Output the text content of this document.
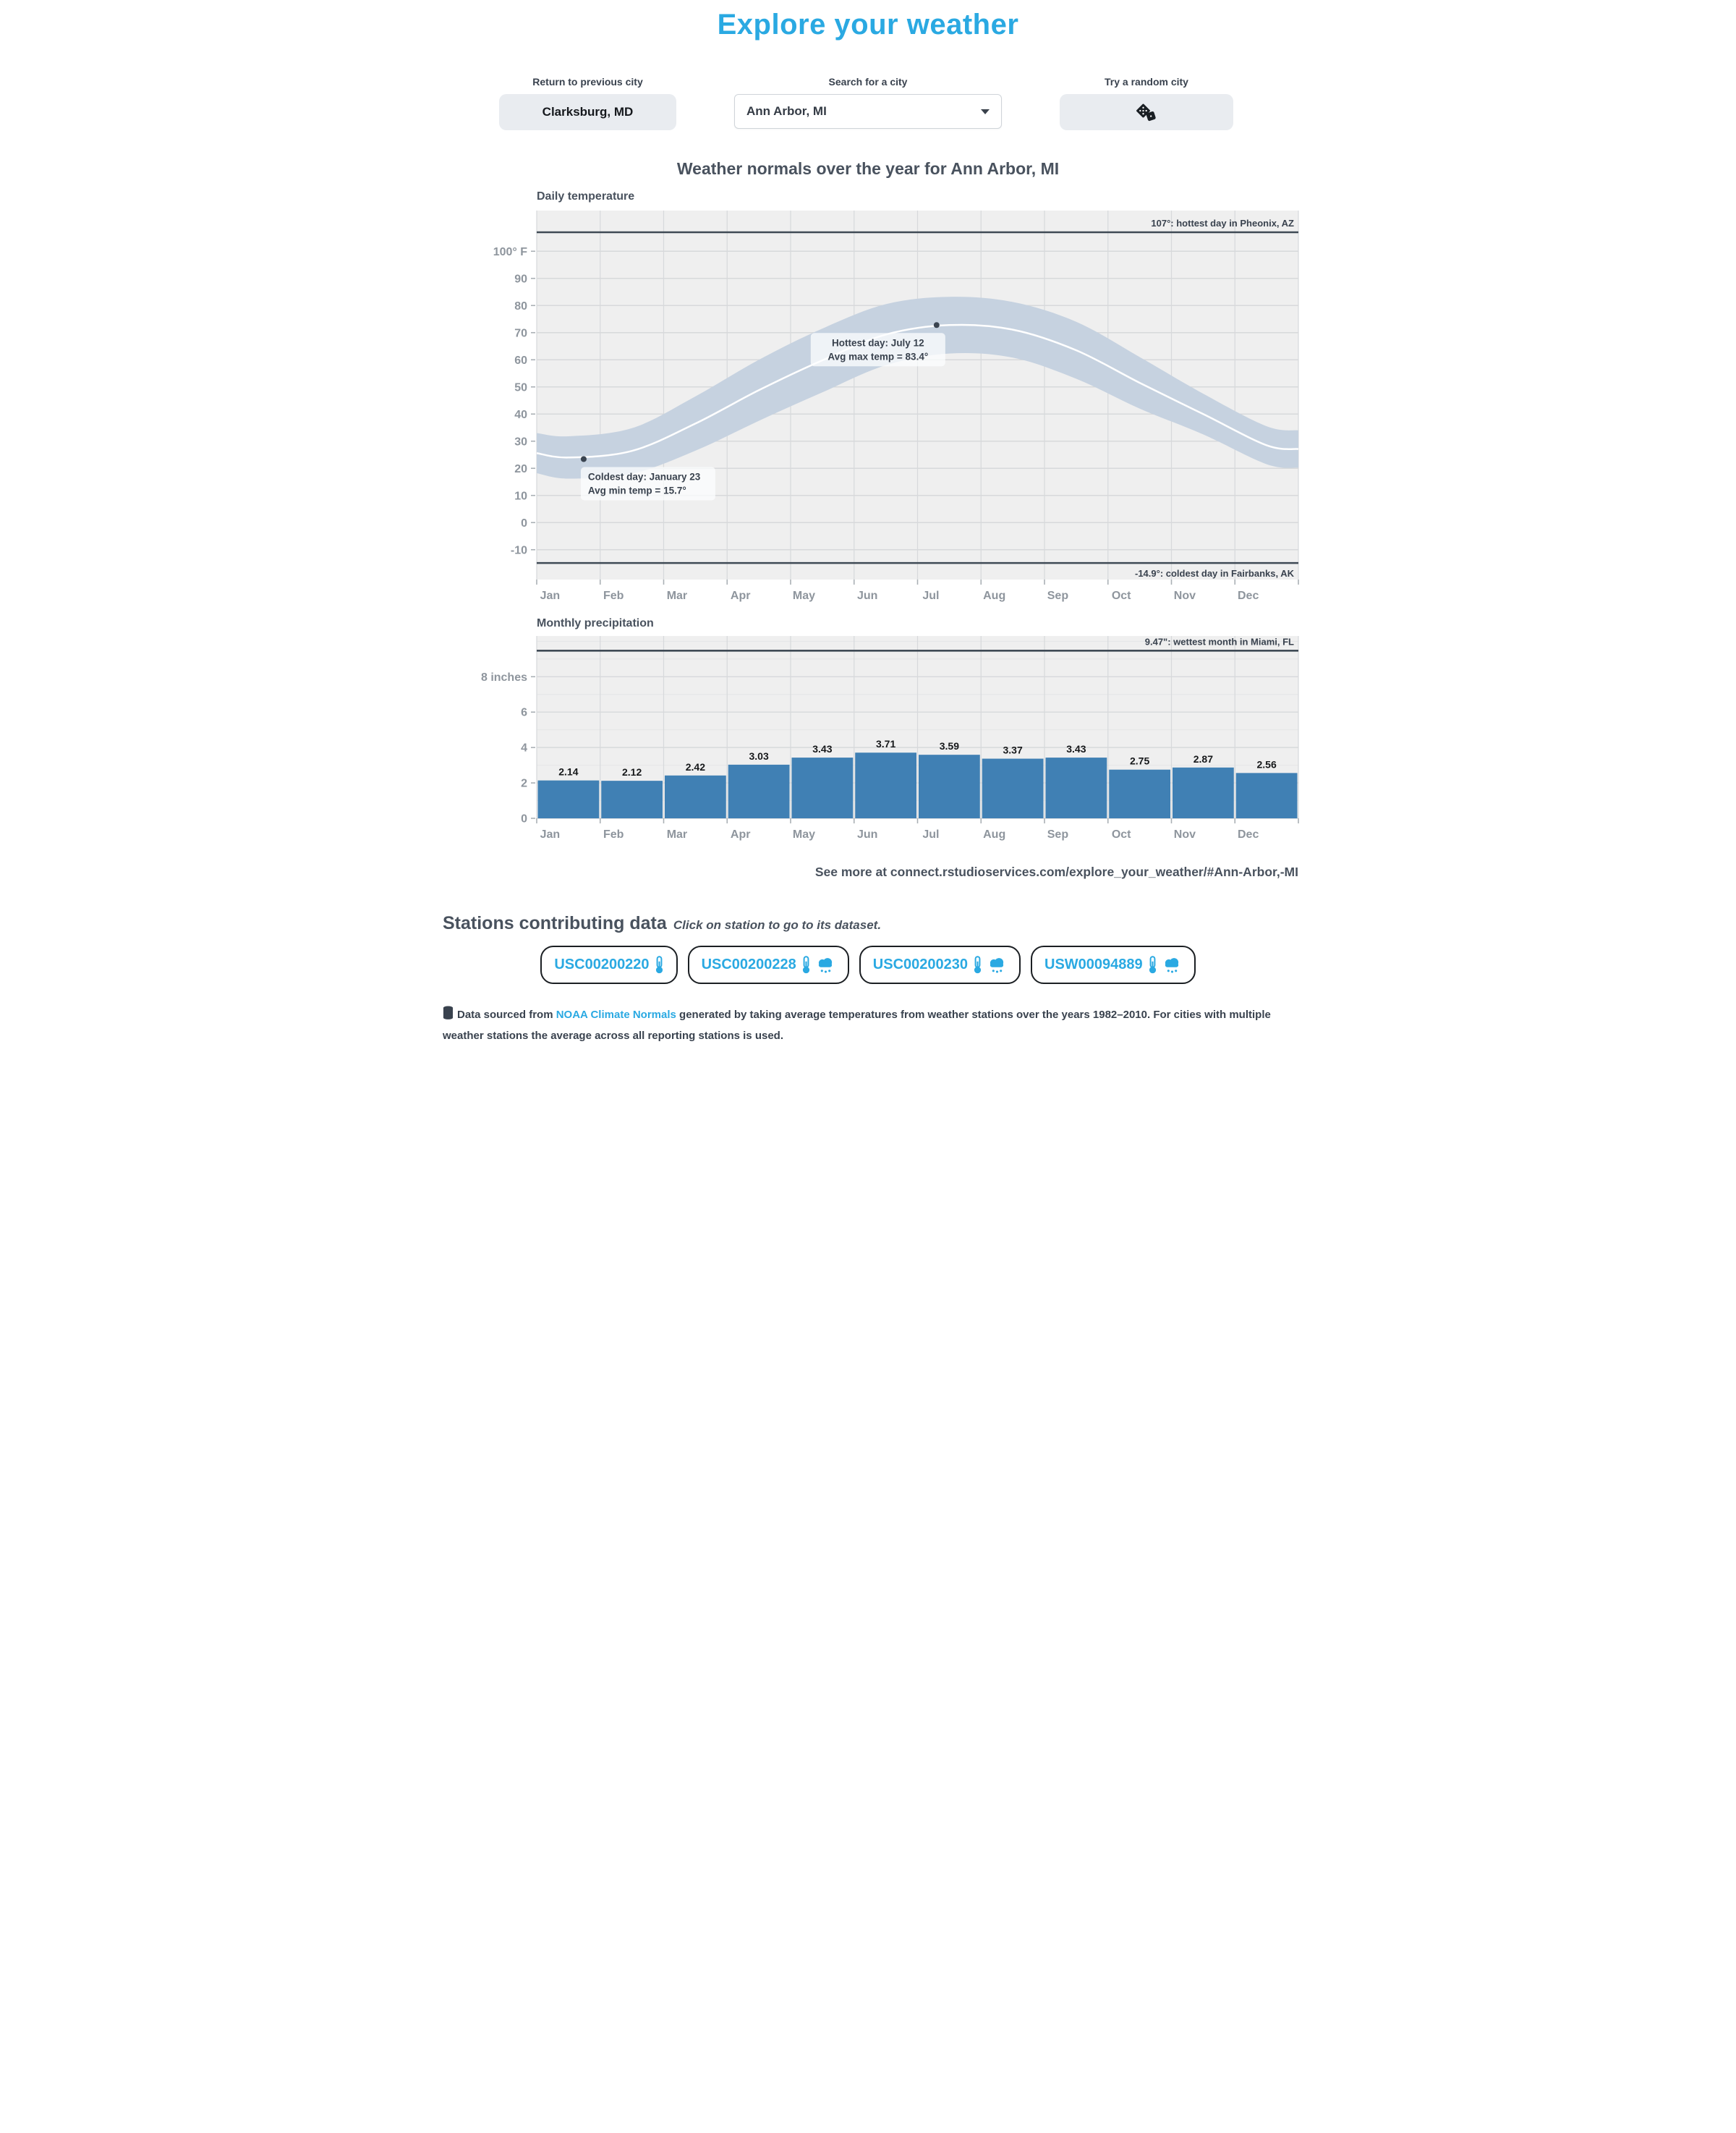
Explore your weather
Return to previous city
Clarksburg, MD
Search for a city
Ann Arbor, MI
Try a random city
Weather normals over the year for Ann Arbor, MI
Daily temperature
100° F
90
80
70
60
50
40
30
20
10
0
-10
Jan	Feb	Mar	Apr	May	Jun	Jul	Aug	Sep	Oct	Nov	Dec
107°: hottest day in Pheonix, AZ
-14.9°: coldest day in Fairbanks, AK
Hottest day: July 12
Avg max temp = 83.4°
Coldest day: January 23
Avg min temp = 15.7°
Monthly precipitation
0
2
4
6
8 inches
Jan	Feb	Mar	Apr	May	Jun	Jul	Aug	Sep	Oct	Nov	Dec
9.47": wettest month in Miami, FL
2.14	2.12	2.42
3.03
3.43	3.71	3.59	3.37	3.43
2.75	2.87	2.56

See more at connect.rstudioservices.com/explore_your_weather/#Ann-Arbor,-MI

Stations contributing data Click on station to go to its dataset.
USC00200220	USC00200228	USC00200230	USW00094889

Data sourced from NOAA Climate Normals generated by taking average temperatures from weather stations over the years 1982–2010. For cities with multiple weather stations the average across all reporting stations is used.
